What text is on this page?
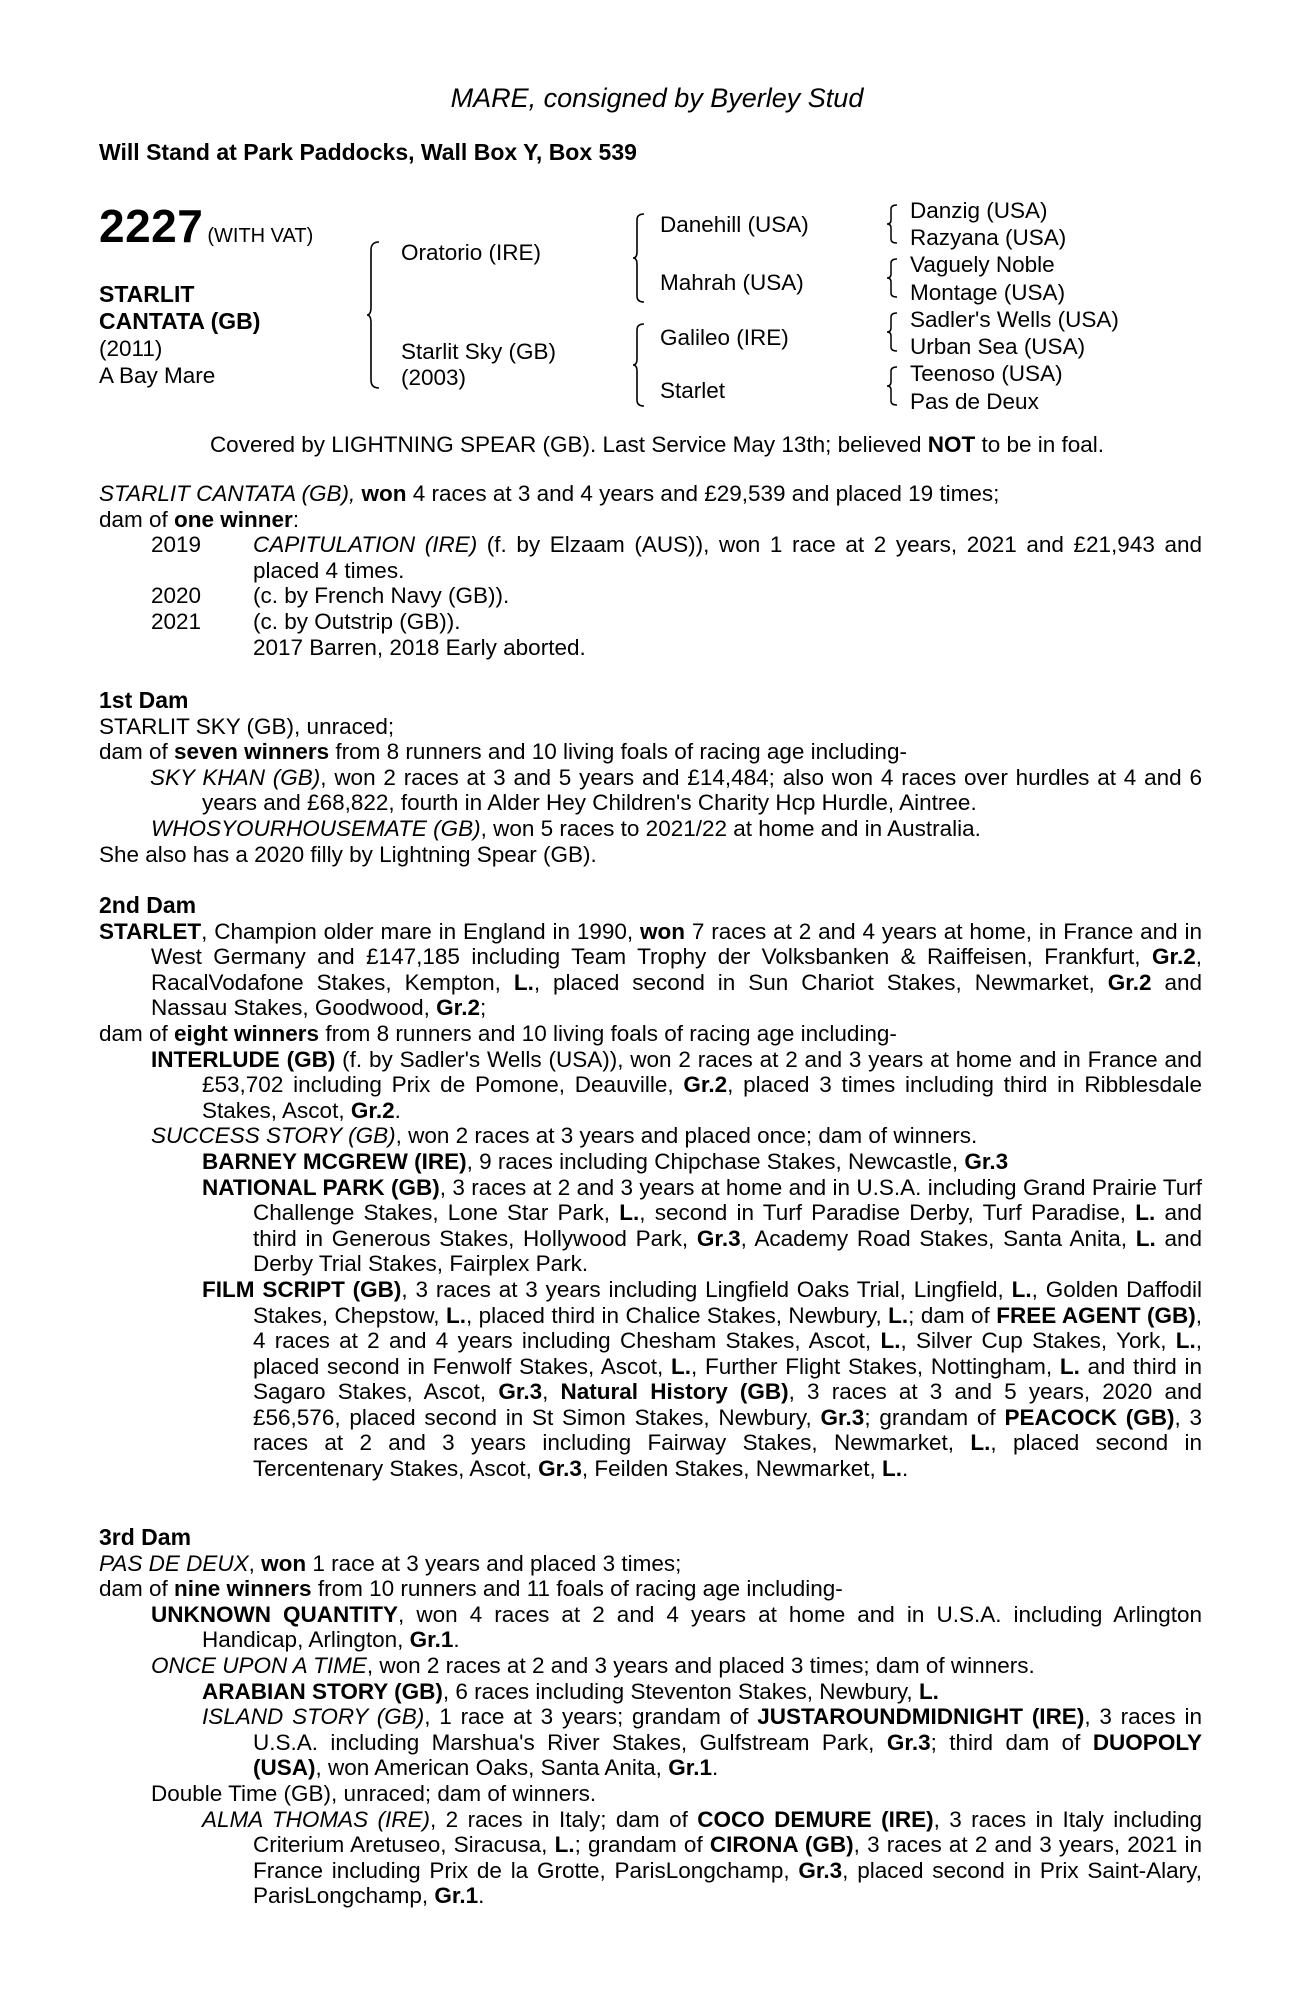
MARE, consigned by Byerley Stud
Will Stand at Park Paddocks, Wall Box Y, Box 539
2227 (WITH VAT)
STARLIT
CANTATA (GB)
(2011)
A Bay Mare
Oratorio (IRE)
Starlit Sky (GB)
(2003)
Danehill (USA)
Mahrah (USA)
Galileo (IRE)
Starlet
Danzig (USA)
Razyana (USA)
Vaguely Noble
Montage (USA)
Sadler's Wells (USA)
Urban Sea (USA)
Teenoso (USA)
Pas de Deux
Covered by LIGHTNING SPEAR (GB). Last Service May 13th; believed NOT to be in foal.
STARLIT CANTATA (GB), won 4 races at 3 and 4 years and £29,539 and placed 19 times;
dam of one winner:
2019 CAPITULATION (IRE) (f. by Elzaam (AUS)), won 1 race at 2 years, 2021 and £21,943 and placed 4 times.
2020 (c. by French Navy (GB)).
2021 (c. by Outstrip (GB)).
2017 Barren, 2018 Early aborted.
1st Dam
STARLIT SKY (GB), unraced;
dam of seven winners from 8 runners and 10 living foals of racing age including-
SKY KHAN (GB), won 2 races at 3 and 5 years and £14,484; also won 4 races over hurdles at 4 and 6 years and £68,822, fourth in Alder Hey Children's Charity Hcp Hurdle, Aintree.
WHOSYOURHOUSEMATE (GB), won 5 races to 2021/22 at home and in Australia.
She also has a 2020 filly by Lightning Spear (GB).
2nd Dam
STARLET, Champion older mare in England in 1990, won 7 races at 2 and 4 years at home, in France and in West Germany and £147,185 including Team Trophy der Volksbanken & Raiffeisen, Frankfurt, Gr.2, RacalVodafone Stakes, Kempton, L., placed second in Sun Chariot Stakes, Newmarket, Gr.2 and Nassau Stakes, Goodwood, Gr.2;
dam of eight winners from 8 runners and 10 living foals of racing age including-
INTERLUDE (GB) (f. by Sadler's Wells (USA)), won 2 races at 2 and 3 years at home and in France and £53,702 including Prix de Pomone, Deauville, Gr.2, placed 3 times including third in Ribblesdale Stakes, Ascot, Gr.2.
SUCCESS STORY (GB), won 2 races at 3 years and placed once; dam of winners.
BARNEY MCGREW (IRE), 9 races including Chipchase Stakes, Newcastle, Gr.3
NATIONAL PARK (GB), 3 races at 2 and 3 years at home and in U.S.A. including Grand Prairie Turf Challenge Stakes, Lone Star Park, L., second in Turf Paradise Derby, Turf Paradise, L. and third in Generous Stakes, Hollywood Park, Gr.3, Academy Road Stakes, Santa Anita, L. and Derby Trial Stakes, Fairplex Park.
FILM SCRIPT (GB), 3 races at 3 years including Lingfield Oaks Trial, Lingfield, L., Golden Daffodil Stakes, Chepstow, L., placed third in Chalice Stakes, Newbury, L.; dam of FREE AGENT (GB), 4 races at 2 and 4 years including Chesham Stakes, Ascot, L., Silver Cup Stakes, York, L., placed second in Fenwolf Stakes, Ascot, L., Further Flight Stakes, Nottingham, L. and third in Sagaro Stakes, Ascot, Gr.3, Natural History (GB), 3 races at 3 and 5 years, 2020 and £56,576, placed second in St Simon Stakes, Newbury, Gr.3; grandam of PEACOCK (GB), 3 races at 2 and 3 years including Fairway Stakes, Newmarket, L., placed second in Tercentenary Stakes, Ascot, Gr.3, Feilden Stakes, Newmarket, L..
3rd Dam
PAS DE DEUX, won 1 race at 3 years and placed 3 times;
dam of nine winners from 10 runners and 11 foals of racing age including-
UNKNOWN QUANTITY, won 4 races at 2 and 4 years at home and in U.S.A. including Arlington Handicap, Arlington, Gr.1.
ONCE UPON A TIME, won 2 races at 2 and 3 years and placed 3 times; dam of winners.
ARABIAN STORY (GB), 6 races including Steventon Stakes, Newbury, L.
ISLAND STORY (GB), 1 race at 3 years; grandam of JUSTAROUNDMIDNIGHT (IRE), 3 races in U.S.A. including Marshua's River Stakes, Gulfstream Park, Gr.3; third dam of DUOPOLY (USA), won American Oaks, Santa Anita, Gr.1.
Double Time (GB), unraced; dam of winners.
ALMA THOMAS (IRE), 2 races in Italy; dam of COCO DEMURE (IRE), 3 races in Italy including Criterium Aretuseo, Siracusa, L.; grandam of CIRONA (GB), 3 races at 2 and 3 years, 2021 in France including Prix de la Grotte, ParisLongchamp, Gr.3, placed second in Prix Saint-Alary, ParisLongchamp, Gr.1.
